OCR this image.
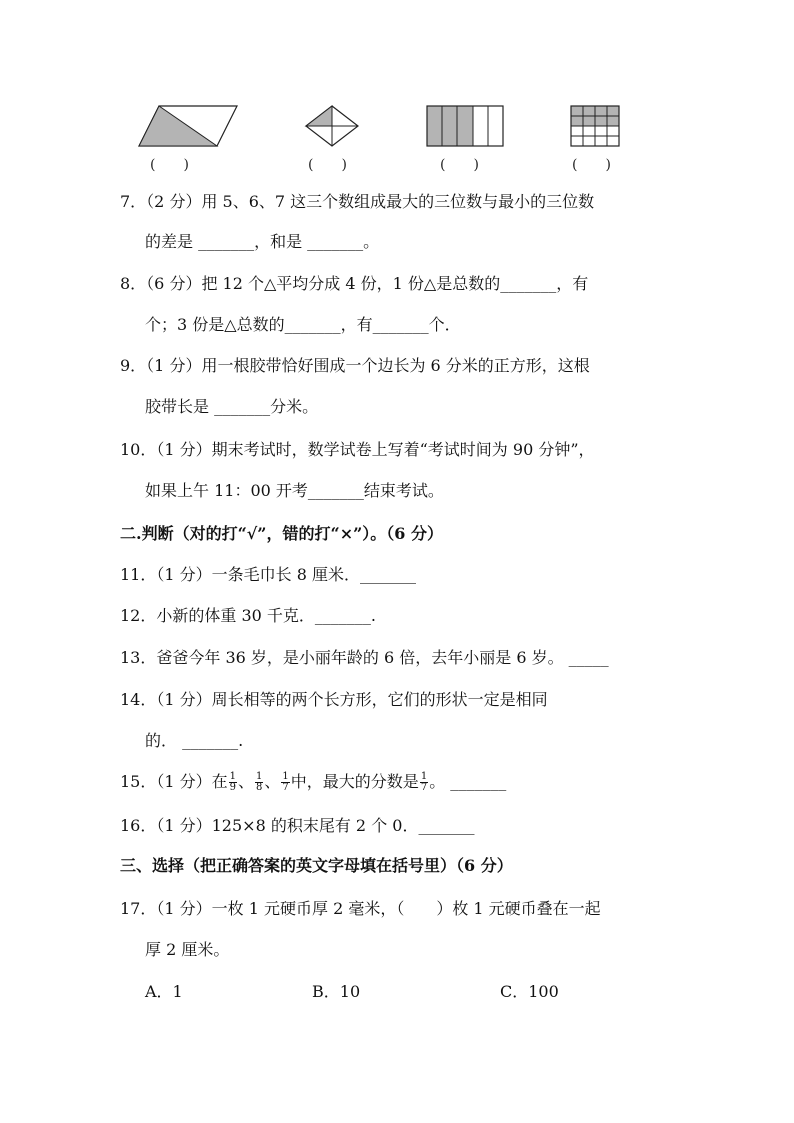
(　　)	(　　)	(　　)	(　　)
7．（2 分）用 5、6、7 这三个数组成最大的三位数与最小的三位数
的差是 _______，和是 _______。
8．（6 分）把 12 个△平均分成 4 份，1 份△是总数的_______，有
个；3 份是△总数的_______，有_______个．
9．（1 分）用一根胶带恰好围成一个边长为 6 分米的正方形，这根
胶带长是 _______分米。
10．（1 分）期末考试时，数学试卷上写着“考试时间为 90 分钟”，
如果上午 11：00 开考_______结束考试。
二.判断（对的打“√”，错的打“×”）。（6 分）
11．（1 分）一条毛巾长 8 厘米．_______
12．小新的体重 30 千克．_______.
13．爸爸今年 36 岁，是小丽年龄的 6 倍，去年小丽是 6 岁。 _____
14．（1 分）周长相等的两个长方形，它们的形状一定是相同
的． _______.
15．（1 分）在 $\frac{1}{9}$ 、 $\frac{1}{8}$ 、 $\frac{1}{7}$ 中，最大的分数是 $\frac{1}{7}$ 。 _______
16．（1 分）125×8 的积末尾有 2 个 0．_______
三、选择（把正确答案的英文字母填在括号里）（6 分）
17．（1 分）一枚 1 元硬币厚 2 毫米，（　　）枚 1 元硬币叠在一起
厚 2 厘米。
A．1	B．10	C．100
